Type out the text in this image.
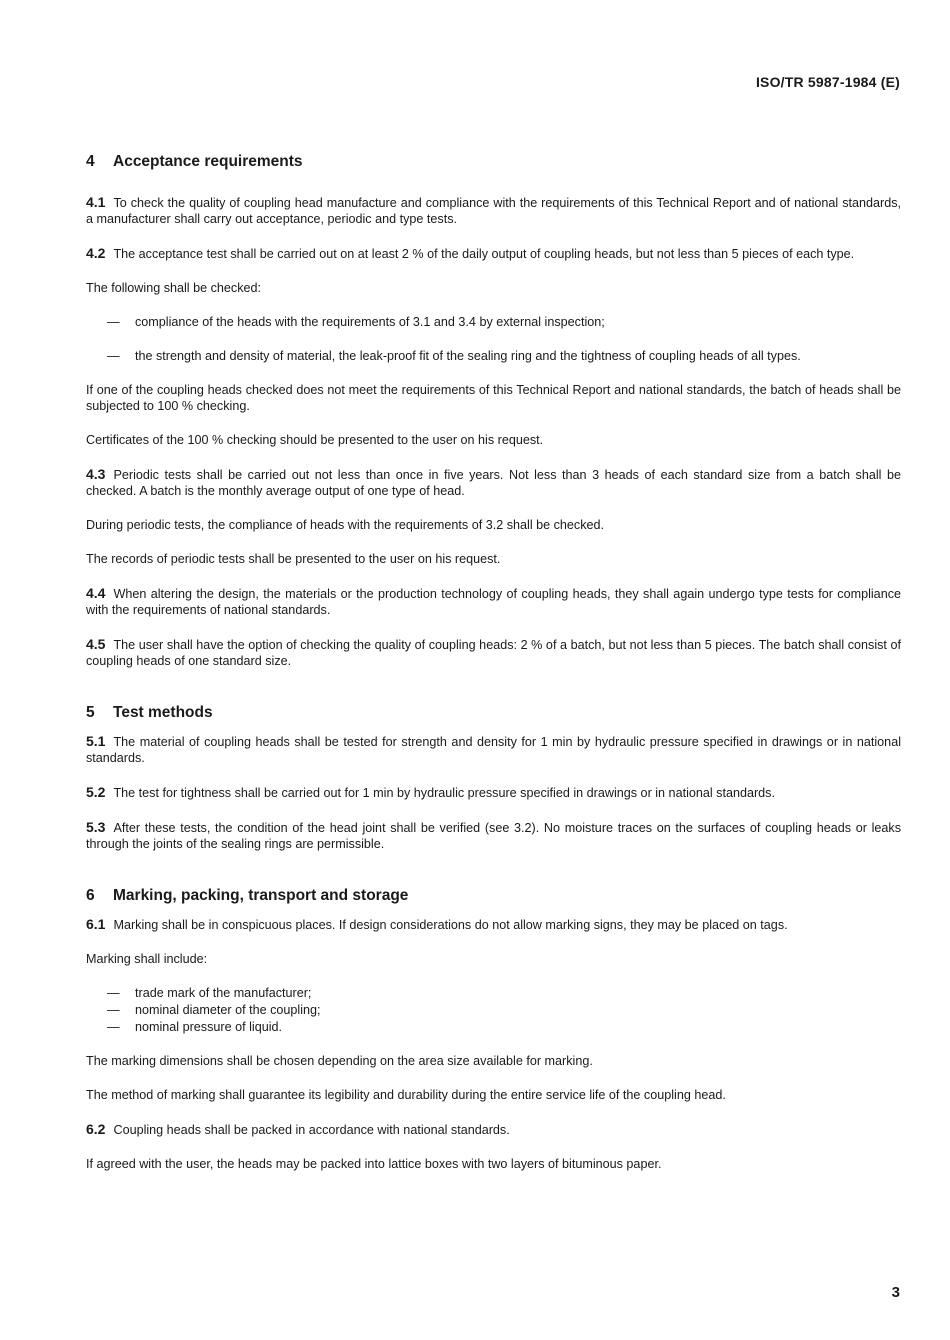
ISO/TR 5987-1984 (E)
4 Acceptance requirements

4.1 To check the quality of coupling head manufacture and compliance with the requirements of this Technical Report and of national standards, a manufacturer shall carry out acceptance, periodic and type tests.

4.2 The acceptance test shall be carried out on at least 2 % of the daily output of coupling heads, but not less than 5 pieces of each type.

The following shall be checked:

— compliance of the heads with the requirements of 3.1 and 3.4 by external inspection;
— the strength and density of material, the leak-proof fit of the sealing ring and the tightness of coupling heads of all types.

If one of the coupling heads checked does not meet the requirements of this Technical Report and national standards, the batch of heads shall be subjected to 100 % checking.

Certificates of the 100 % checking should be presented to the user on his request.

4.3 Periodic tests shall be carried out not less than once in five years. Not less than 3 heads of each standard size from a batch shall be checked. A batch is the monthly average output of one type of head.

During periodic tests, the compliance of heads with the requirements of 3.2 shall be checked.

The records of periodic tests shall be presented to the user on his request.

4.4 When altering the design, the materials or the production technology of coupling heads, they shall again undergo type tests for compliance with the requirements of national standards.

4.5 The user shall have the option of checking the quality of coupling heads: 2 % of a batch, but not less than 5 pieces. The batch shall consist of coupling heads of one standard size.

5 Test methods

5.1 The material of coupling heads shall be tested for strength and density for 1 min by hydraulic pressure specified in drawings or in national standards.

5.2 The test for tightness shall be carried out for 1 min by hydraulic pressure specified in drawings or in national standards.

5.3 After these tests, the condition of the head joint shall be verified (see 3.2). No moisture traces on the surfaces of coupling heads or leaks through the joints of the sealing rings are permissible.

6 Marking, packing, transport and storage

6.1 Marking shall be in conspicuous places. If design considerations do not allow marking signs, they may be placed on tags.

Marking shall include:

— trade mark of the manufacturer;
— nominal diameter of the coupling;
— nominal pressure of liquid.

The marking dimensions shall be chosen depending on the area size available for marking.

The method of marking shall guarantee its legibility and durability during the entire service life of the coupling head.

6.2 Coupling heads shall be packed in accordance with national standards.

If agreed with the user, the heads may be packed into lattice boxes with two layers of bituminous paper.

3
